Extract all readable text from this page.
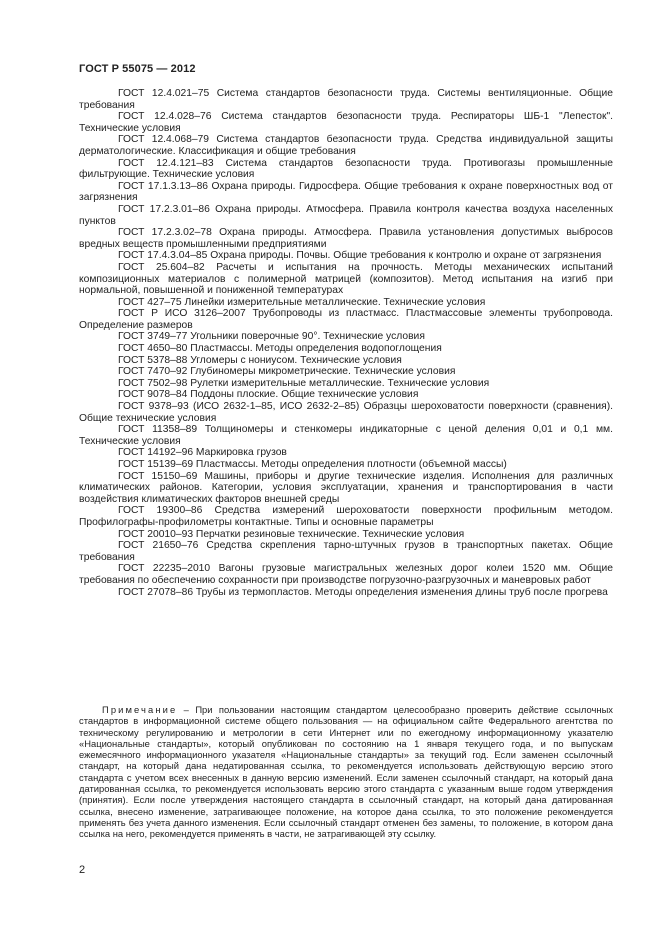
ГОСТ Р 55075 — 2012

ГОСТ 12.4.021–75 Система стандартов безопасности труда. Системы вентиляционные. Общие требования

ГОСТ 12.4.028–76 Система стандартов безопасности труда. Респираторы ШБ-1 "Лепесток". Технические условия

ГОСТ 12.4.068–79 Система стандартов безопасности труда. Средства индивидуальной защиты дерматологические. Классификация и общие требования

ГОСТ 12.4.121–83 Система стандартов безопасности труда. Противогазы промышленные фильтрующие. Технические условия

ГОСТ 17.1.3.13–86 Охрана природы. Гидросфера. Общие требования к охране поверхностных вод от загрязнения

ГОСТ 17.2.3.01–86 Охрана природы. Атмосфера. Правила контроля качества воздуха населенных пунктов

ГОСТ 17.2.3.02–78 Охрана природы. Атмосфера. Правила установления допустимых выбросов вредных веществ промышленными предприятиями

ГОСТ 17.4.3.04–85 Охрана природы. Почвы. Общие требования к контролю и охране от загрязнения

ГОСТ 25.604–82 Расчеты и испытания на прочность. Методы механических испытаний композиционных материалов с полимерной матрицей (композитов). Метод испытания на изгиб при нормальной, повышенной и пониженной температурах

ГОСТ 427–75 Линейки измерительные металлические. Технические условия

ГОСТ Р ИСО 3126–2007 Трубопроводы из пластмасс. Пластмассовые элементы трубопровода. Определение размеров

ГОСТ 3749–77 Угольники поверочные 90°. Технические условия

ГОСТ 4650–80 Пластмассы. Методы определения водопоглощения

ГОСТ 5378–88 Угломеры с нониусом. Технические условия

ГОСТ 7470–92 Глубиномеры микрометрические. Технические условия

ГОСТ 7502–98 Рулетки измерительные металлические. Технические условия

ГОСТ 9078–84 Поддоны плоские. Общие технические условия

ГОСТ 9378–93 (ИСО 2632-1–85, ИСО 2632-2–85) Образцы шероховатости поверхности (сравнения). Общие технические условия

ГОСТ 11358–89 Толщиномеры и стенкомеры индикаторные с ценой деления 0,01 и 0,1 мм. Технические условия

ГОСТ 14192–96 Маркировка грузов

ГОСТ 15139–69 Пластмассы. Методы определения плотности (объемной массы)

ГОСТ 15150–69 Машины, приборы и другие технические изделия. Исполнения для различных климатических районов. Категории, условия эксплуатации, хранения и транспортирования в части воздействия климатических факторов внешней среды

ГОСТ 19300–86 Средства измерений шероховатости поверхности профильным методом. Профилографы-профилометры контактные. Типы и основные параметры

ГОСТ 20010–93 Перчатки резиновые технические. Технические условия

ГОСТ 21650–76 Средства скрепления тарно-штучных грузов в транспортных пакетах. Общие требования

ГОСТ 22235–2010 Вагоны грузовые магистральных железных дорог колеи 1520 мм. Общие требования по обеспечению сохранности при производстве погрузочно-разгрузочных и маневровых работ

ГОСТ 27078–86 Трубы из термопластов. Методы определения изменения длины труб после прогрева

Примечание – При пользовании настоящим стандартом целесообразно проверить действие ссылочных стандартов в информационной системе общего пользования — на официальном сайте Федерального агентства по техническому регулированию и метрологии в сети Интернет или по ежегодному информационному указателю «Национальные стандарты», который опубликован по состоянию на 1 января текущего года, и по выпускам ежемесячного информационного указателя «Национальные стандарты» за текущий год. Если заменен ссылочный стандарт, на который дана недатированная ссылка, то рекомендуется использовать действующую версию этого стандарта с учетом всех внесенных в данную версию изменений. Если заменен ссылочный стандарт, на который дана датированная ссылка, то рекомендуется использовать версию этого стандарта с указанным выше годом утверждения (принятия). Если после утверждения настоящего стандарта в ссылочный стандарт, на который дана датированная ссылка, внесено изменение, затрагивающее положение, на которое дана ссылка, то это положение рекомендуется применять без учета данного изменения. Если ссылочный стандарт отменен без замены, то положение, в котором дана ссылка на него, рекомендуется применять в части, не затрагивающей эту ссылку.

2
